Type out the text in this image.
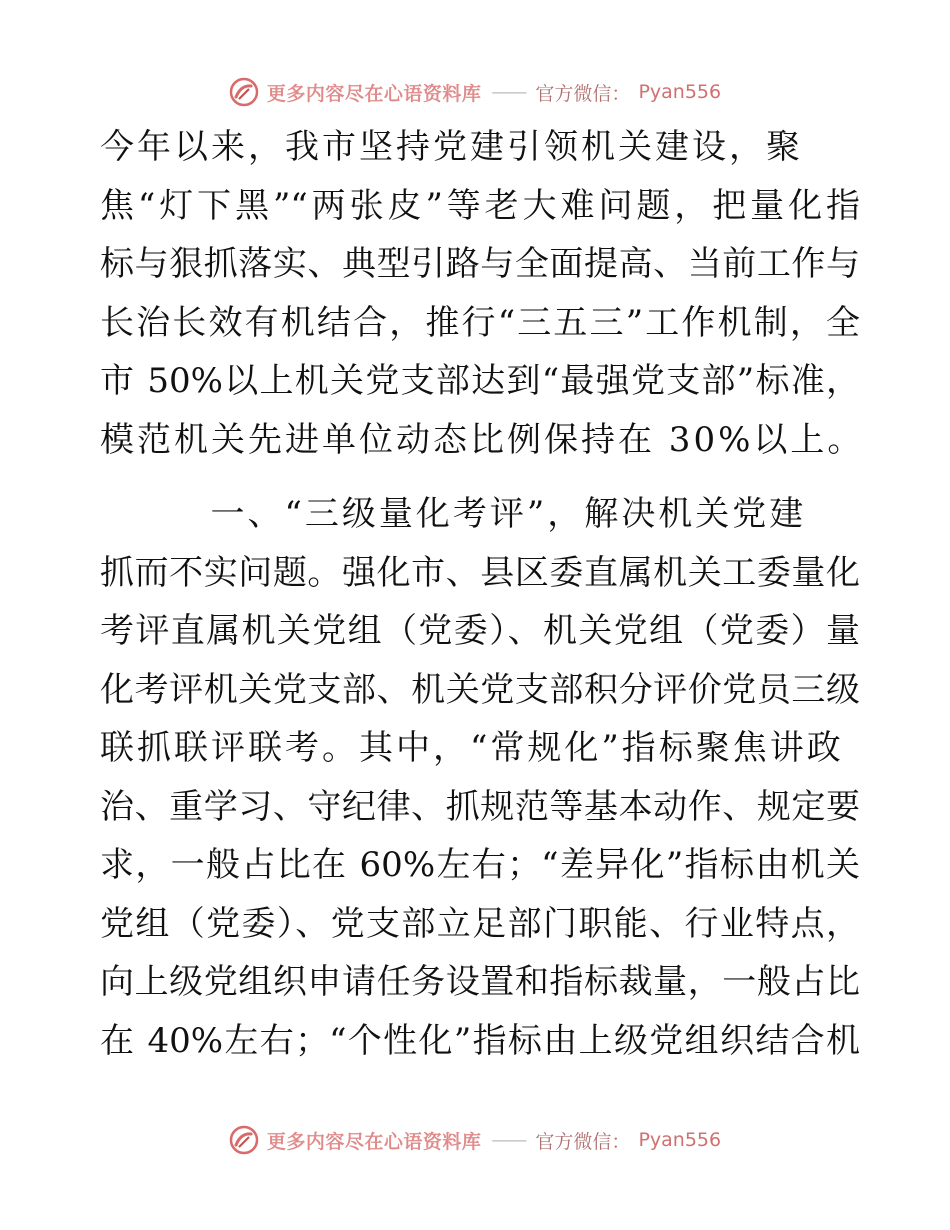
更多内容尽在心语资料库 —— 官方微信： Pyan556
今年以来，我市坚持党建引领机关建设，聚
焦“灯下黑”“两张皮”等老大难问题，把量化指
标与狠抓落实、典型引路与全面提高、当前工作与
长治长效有机结合，推行“三五三”工作机制，全
市 50%以上机关党支部达到“最强党支部”标准，
模范机关先进单位动态比例保持在 30%以上。
一、“三级量化考评”，解决机关党建
抓而不实问题。强化市、县区委直属机关工委量化
考评直属机关党组（党委）、机关党组（党委）量
化考评机关党支部、机关党支部积分评价党员三级
联抓联评联考。其中，“常规化”指标聚焦讲政
治、重学习、守纪律、抓规范等基本动作、规定要
求，一般占比在 60%左右；“差异化”指标由机关
党组（党委）、党支部立足部门职能、行业特点，
向上级党组织申请任务设置和指标裁量，一般占比
在 40%左右；“个性化”指标由上级党组织结合机
更多内容尽在心语资料库 —— 官方微信： Pyan556
